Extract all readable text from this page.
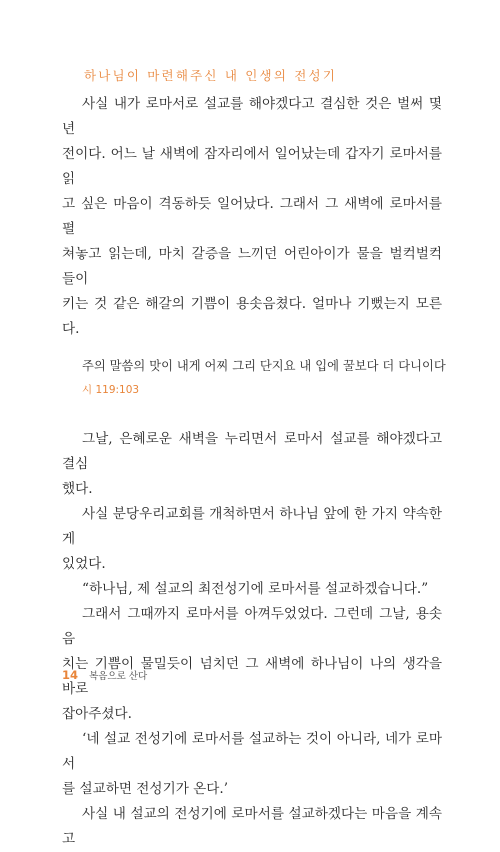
하나님이 마련해주신 내 인생의 전성기

사실 내가 로마서로 설교를 해야겠다고 결심한 것은 벌써 몇 년
전이다. 어느 날 새벽에 잠자리에서 일어났는데 갑자기 로마서를 읽
고 싶은 마음이 격동하듯 일어났다. 그래서 그 새벽에 로마서를 펼
쳐놓고 읽는데, 마치 갈증을 느끼던 어린아이가 물을 벌컥벌컥 들이
키는 것 같은 해갈의 기쁨이 용솟음쳤다. 얼마나 기뻤는지 모른다.

주의 말씀의 맛이 내게 어찌 그리 단지요 내 입에 꿀보다 더 다니이다
시 119:103

그날, 은혜로운 새벽을 누리면서 로마서 설교를 해야겠다고 결심
했다.

사실 분당우리교회를 개척하면서 하나님 앞에 한 가지 약속한 게
있었다.

“하나님, 제 설교의 최전성기에 로마서를 설교하겠습니다.”

그래서 그때까지 로마서를 아껴두었었다. 그런데 그날, 용솟음
치는 기쁨이 물밀듯이 넘치던 그 새벽에 하나님이 나의 생각을 바로
잡아주셨다.

‘네 설교 전성기에 로마서를 설교하는 것이 아니라, 네가 로마서
를 설교하면 전성기가 온다.’

사실 내 설교의 전성기에 로마서를 설교하겠다는 마음을 계속 고

14 복음으로 산다
